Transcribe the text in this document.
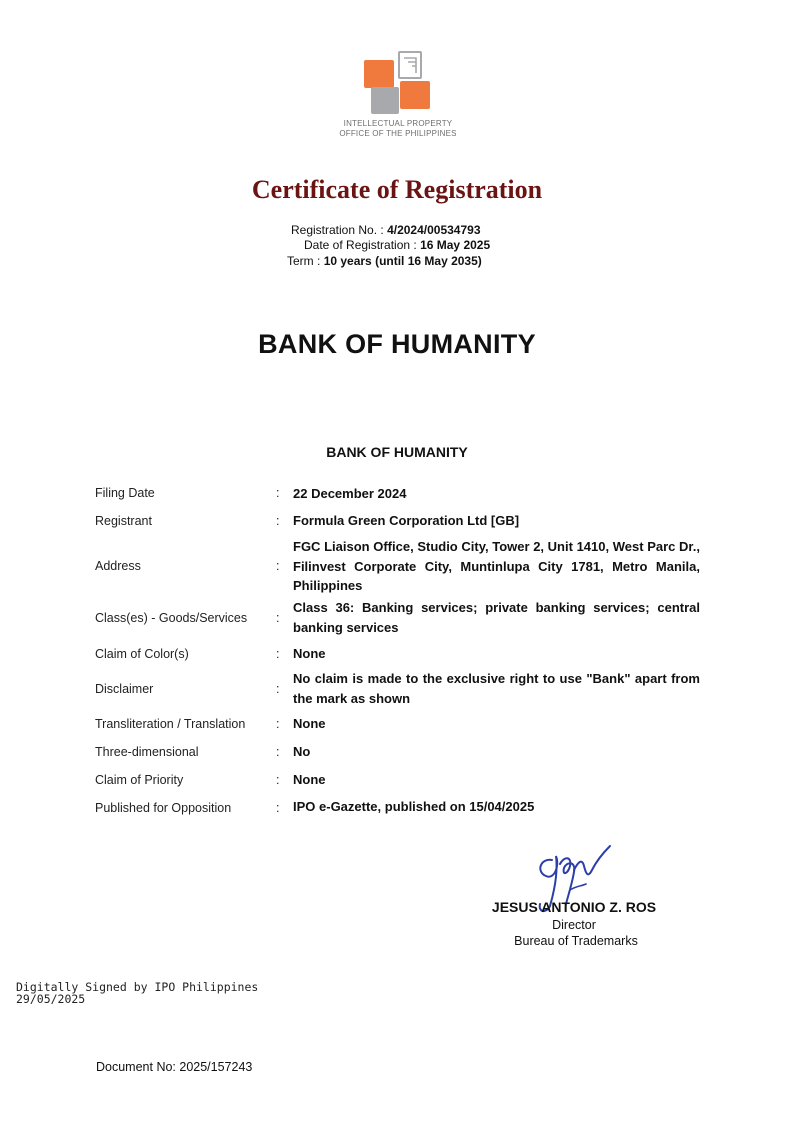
INTELLECTUAL PROPERTY
OFFICE OF THE PHILIPPINES
Certificate of Registration
Registration No. : 4/2024/00534793
Date of Registration : 16 May 2025
Term : 10 years (until 16 May 2035)
BANK OF HUMANITY
BANK OF HUMANITY
Filing Date	: 22 December 2024
Registrant	: Formula Green Corporation Ltd [GB]
Address	:
FGC Liaison Office, Studio City, Tower 2, Unit 1410, West Parc Dr., Filinvest Corporate City, Muntinlupa City 1781, Metro Manila, Philippines
Class(es) - Goods/Services :
Class 36: Banking services; private banking services; central banking services
Claim of Color(s)	: None
Disclaimer	:
No claim is made to the exclusive right to use "Bank" apart from the mark as shown
Transliteration / Translation : None
Three-dimensional	: No
Claim of Priority	: None
Published for Opposition	: IPO e-Gazette, published on 15/04/2025
JESUS ANTONIO Z. ROS
Director
Bureau of Trademarks
Digitally Signed by IPO Philippines
29/05/2025
Document No: 2025/157243
